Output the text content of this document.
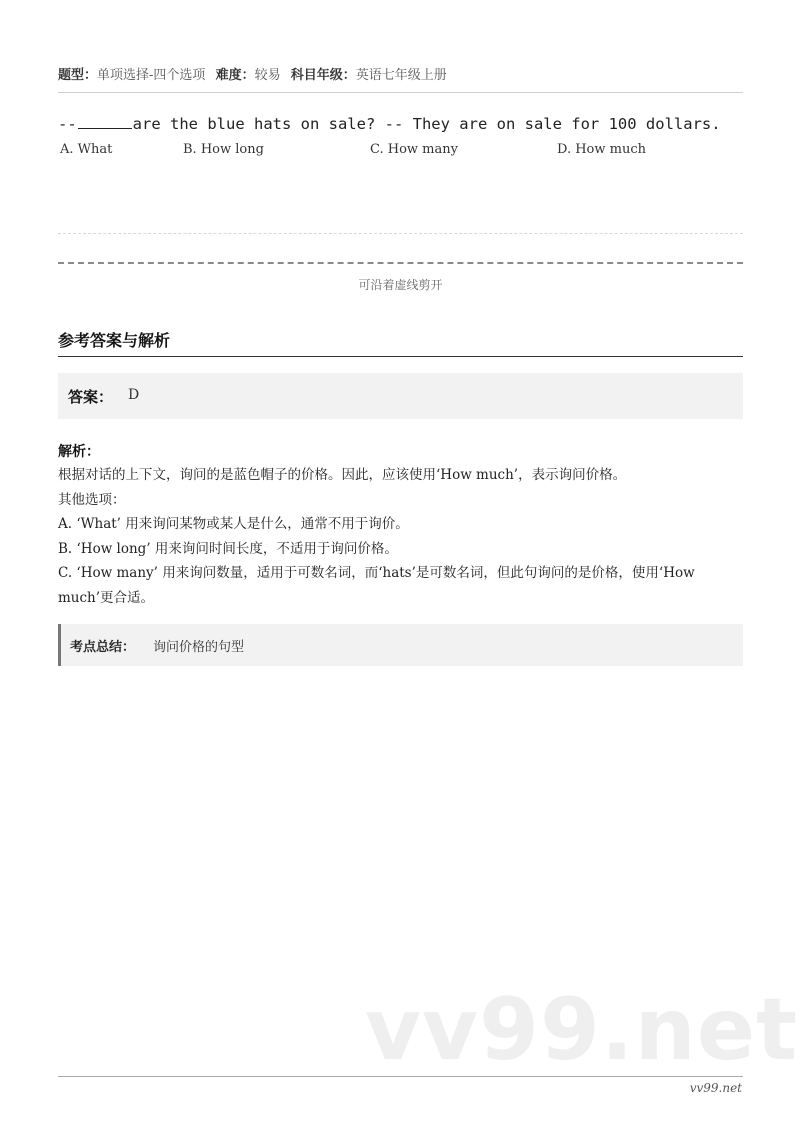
题型：单项选择-四个选项 难度：较易 科目年级：英语七年级上册
--	are the blue hats on sale? -- They are on sale for 100 dollars.
A. What	B. How long	C. How many	D. How much
可沿着虚线剪开
参考答案与解析
答案： D
解析：

根据对话的上下文，询问的是蓝色帽子的价格。因此，应该使用‘How much’，表示询问价格。

其他选项：

A. ‘What’ 用来询问某物或某人是什么，通常不用于询价。

B. ‘How long’ 用来询问时间长度，不适用于询问价格。

C. ‘How many’ 用来询问数量，适用于可数名词，而‘hats’是可数名词，但此句询问的是价格，使用‘How much’更合适。

考点总结： 询问价格的句型
vv99.net
vv99.net
